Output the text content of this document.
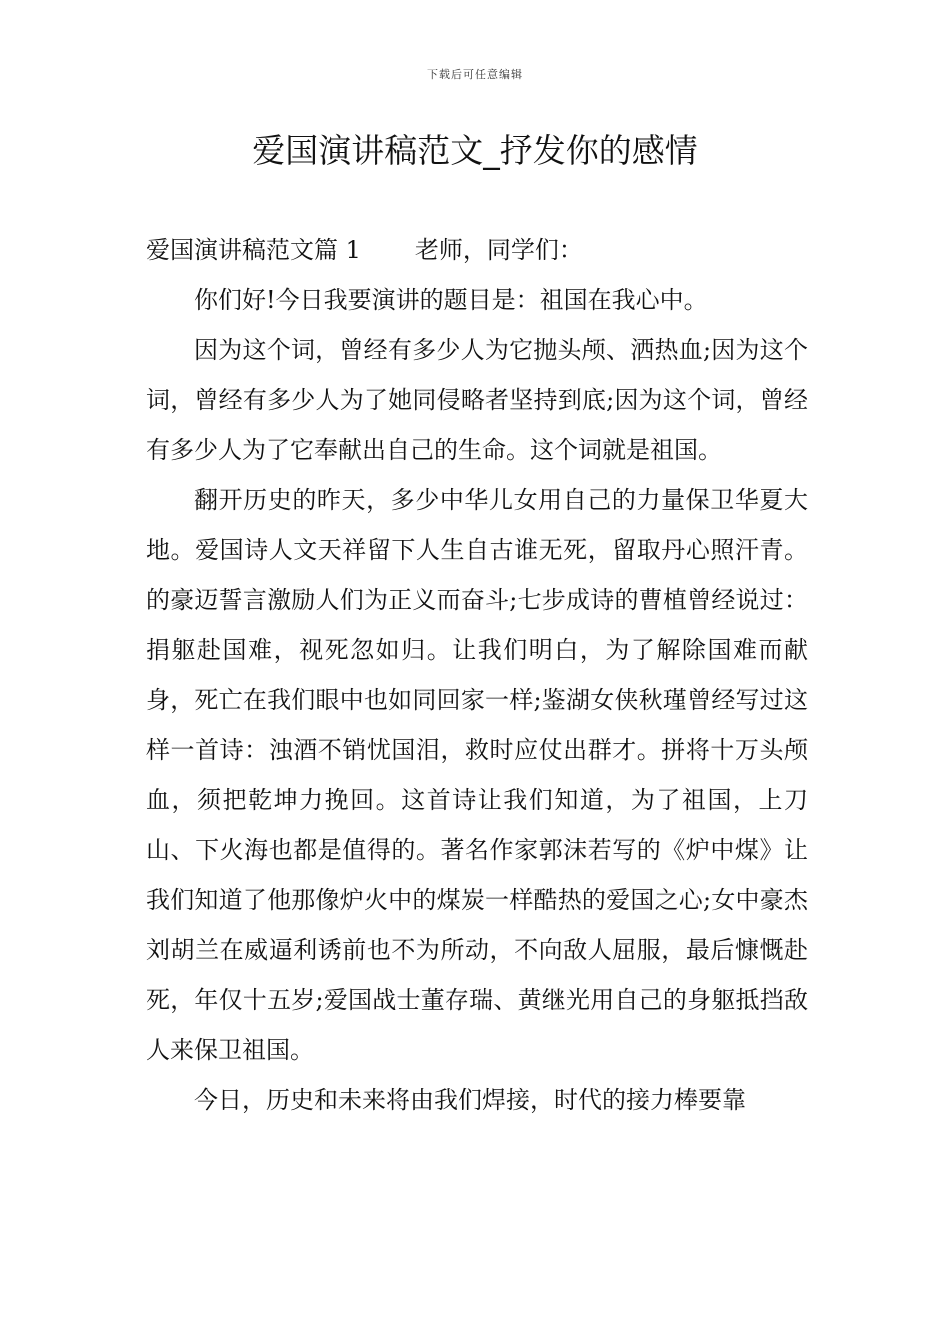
下载后可任意编辑
爱国演讲稿范文_抒发你的感情

爱国演讲稿范文篇 1 老师，同学们：

你们好!今日我要演讲的题目是：祖国在我心中。

因为这个词，曾经有多少人为它抛头颅、洒热血;因为这个词，曾经有多少人为了她同侵略者坚持到底;因为这个词，曾经有多少人为了它奉献出自己的生命。这个词就是祖国。

翻开历史的昨天，多少中华儿女用自己的力量保卫华夏大地。爱国诗人文天祥留下人生自古谁无死，留取丹心照汗青。的豪迈誓言激励人们为正义而奋斗;七步成诗的曹植曾经说过：捐躯赴国难，视死忽如归。让我们明白，为了解除国难而献身，死亡在我们眼中也如同回家一样;鉴湖女侠秋瑾曾经写过这样一首诗：浊酒不销忧国泪，救时应仗出群才。拼将十万头颅血，须把乾坤力挽回。这首诗让我们知道，为了祖国，上刀山、下火海也都是值得的。著名作家郭沫若写的《炉中煤》让我们知道了他那像炉火中的煤炭一样酷热的爱国之心;女中豪杰刘胡兰在威逼利诱前也不为所动，不向敌人屈服，最后慷慨赴死，年仅十五岁;爱国战士董存瑞、黄继光用自己的身躯抵挡敌人来保卫祖国。

今日，历史和未来将由我们焊接，时代的接力棒要靠
